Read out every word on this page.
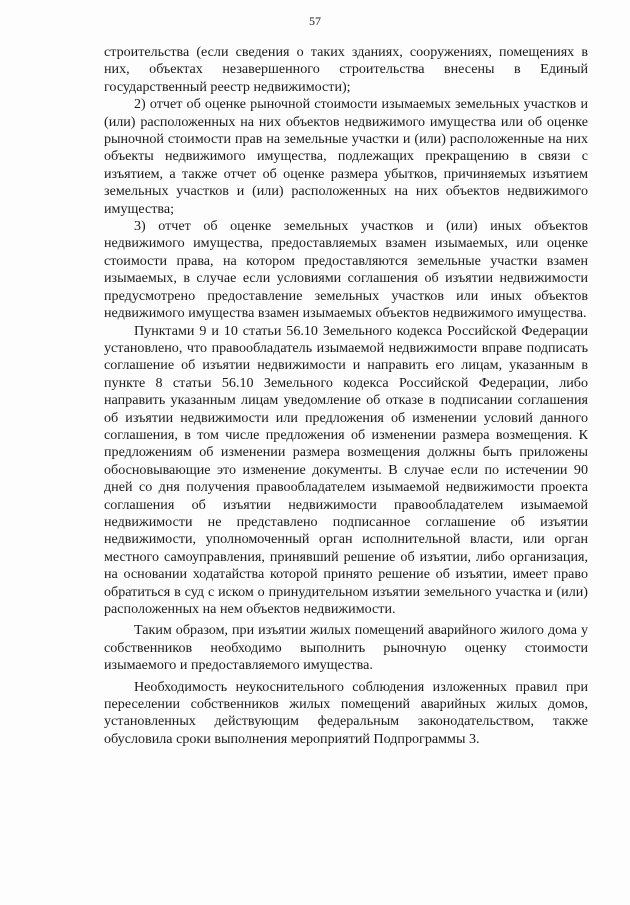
57

строительства (если сведения о таких зданиях, сооружениях, помещениях в них, объектах незавершенного строительства внесены в Единый государственный реестр недвижимости);

2) отчет об оценке рыночной стоимости изымаемых земельных участков и (или) расположенных на них объектов недвижимого имущества или об оценке рыночной стоимости прав на земельные участки и (или) расположенные на них объекты недвижимого имущества, подлежащих прекращению в связи с изъятием, а также отчет об оценке размера убытков, причиняемых изъятием земельных участков и (или) расположенных на них объектов недвижимого имущества;

3) отчет об оценке земельных участков и (или) иных объектов недвижимого имущества, предоставляемых взамен изымаемых, или оценке стоимости права, на котором предоставляются земельные участки взамен изымаемых, в случае если условиями соглашения об изъятии недвижимости предусмотрено предоставление земельных участков или иных объектов недвижимого имущества взамен изымаемых объектов недвижимого имущества.

Пунктами 9 и 10 статьи 56.10 Земельного кодекса Российской Федерации установлено, что правообладатель изымаемой недвижимости вправе подписать соглашение об изъятии недвижимости и направить его лицам, указанным в пункте 8 статьи 56.10 Земельного кодекса Российской Федерации, либо направить указанным лицам уведомление об отказе в подписании соглашения об изъятии недвижимости или предложения об изменении условий данного соглашения, в том числе предложения об изменении размера возмещения. К предложениям об изменении размера возмещения должны быть приложены обосновывающие это изменение документы. В случае если по истечении 90 дней со дня получения правообладателем изымаемой недвижимости проекта соглашения об изъятии недвижимости правообладателем изымаемой недвижимости не представлено подписанное соглашение об изъятии недвижимости, уполномоченный орган исполнительной власти, или орган местного самоуправления, принявший решение об изъятии, либо организация, на основании ходатайства которой принято решение об изъятии, имеет право обратиться в суд с иском о принудительном изъятии земельного участка и (или) расположенных на нем объектов недвижимости.

Таким образом, при изъятии жилых помещений аварийного жилого дома у собственников необходимо выполнить рыночную оценку стоимости изымаемого и предоставляемого имущества.

Необходимость неукоснительного соблюдения изложенных правил при переселении собственников жилых помещений аварийных жилых домов, установленных действующим федеральным законодательством, также обусловила сроки выполнения мероприятий Подпрограммы 3.
